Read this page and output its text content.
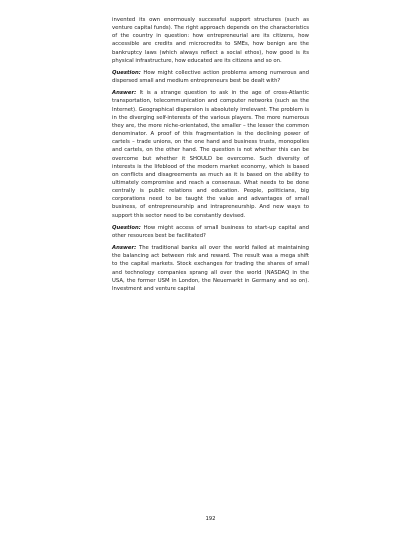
invented its own enormously successful support structures (such as venture capital funds). The right approach depends on the characteristics of the country in question: how entrepreneurial are its citizens, how accessible are credits and microcredits to SMEs, how benign are the bankruptcy laws (which always reflect a social ethos), how good is its physical infrastructure, how educated are its citizens and so on.

Question: How might collective action problems among numerous and dispersed small and medium entrepreneurs best be dealt with?

Answer: It is a strange question to ask in the age of cross-Atlantic transportation, telecommunication and computer networks (such as the Internet). Geographical dispersion is absolutely irrelevant. The problem is in the diverging self-interests of the various players. The more numerous they are, the more niche-orientated, the smaller – the lesser the common denominator. A proof of this fragmentation is the declining power of cartels – trade unions, on the one hand and business trusts, monopolies and cartels, on the other hand. The question is not whether this can be overcome but whether it SHOULD be overcome. Such diversity of interests is the lifeblood of the modern market economy, which is based on conflicts and disagreements as much as it is based on the ability to ultimately compromise and reach a consensus. What needs to be done centrally is public relations and education. People, politicians, big corporations need to be taught the value and advantages of small business, of entrepreneurship and intrapreneurship. And new ways to support this sector need to be constantly devised.

Question: How might access of small business to start-up capital and other resources best be facilitated?

Answer: The traditional banks all over the world failed at maintaining the balancing act between risk and reward. The result was a mega shift to the capital markets. Stock exchanges for trading the shares of small and technology companies sprang all over the world (NASDAQ in the USA, the former USM in London, the Neuemarkt in Germany and so on). Investment and venture capital

192
